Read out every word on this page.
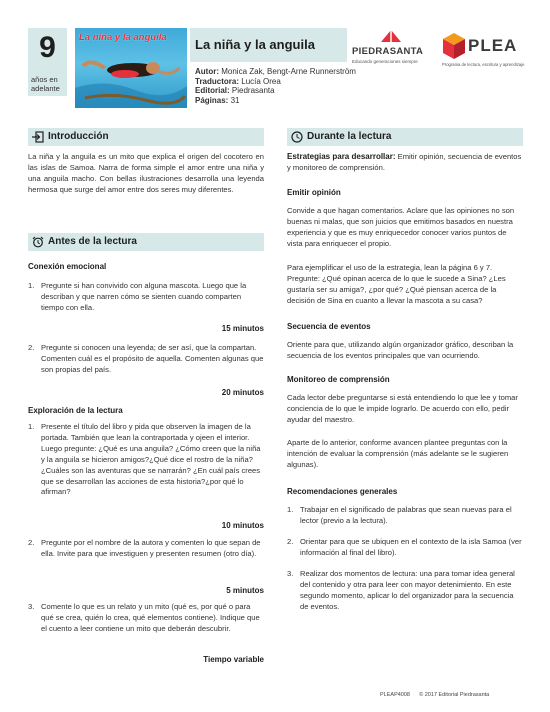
9
años en adelante
La niña y la anguila La niña y la anguila
Autor: Monica Zak, Bengt-Arne Runnerström
Traductora: Lucía Orea
Editorial: Piedrasanta
Páginas: 31
PIEDRASANTA
Educando generaciones siempre
PLEA
Programa de lectura, escritura y aprendizaje
Introducción
La niña y la anguila es un mito que explica el origen del cocotero en las islas de Samoa. Narra de forma simple el amor entre una niña y una anguila macho. Con bellas ilustraciones desarrolla una leyenda hermosa que surge del amor entre dos seres muy diferentes.
Antes de la lectura
Conexión emocional
1. Pregunte si han convivido con alguna mascota. Luego que la describan y que narren cómo se sienten cuando comparten tiempo con ella.
15 minutos
2. Pregunte si conocen una leyenda; de ser así, que la compartan. Comenten cuál es el propósito de aquella. Comenten algunas que son propias del país.
20 minutos
Exploración de la lectura
1. Presente el título del libro y pida que observen la imagen de la portada. También que lean la contraportada y ojeen el interior. Luego pregunte: ¿Qué es una anguila? ¿Cómo creen que la niña y la anguila se hicieron amigos?¿Qué dice el rostro de la niña? ¿Cuáles son las aventuras que se narrarán? ¿En cuál país crees que se desarrollan las acciones de esta historia?¿por qué lo afirman?
10 minutos
2. Pregunte por el nombre de la autora y comenten lo que sepan de ella. Invite para que investiguen y presenten resumen (otro día).
5 minutos
3. Comente lo que es un relato y un mito (qué es, por qué o para qué se crea, quién lo crea, qué elementos contiene). Indique que el cuento a leer contiene un mito que deberán descubrir.
Tiempo variable
Durante la lectura
Estrategias para desarrollar: Emitir opinión, secuencia de eventos y monitoreo de comprensión.
Emitir opinión
Convide a que hagan comentarios. Aclare que las opiniones no son buenas ni malas, que son juicios que emitimos basados en nuestra experiencia y que es muy enriquecedor conocer varios puntos de vista para enriquecer el propio.
Para ejemplificar el uso de la estrategia, lean la página 6 y 7. Pregunte: ¿Qué opinan acerca de lo que le sucede a Sina? ¿Les gustaría ser su amiga?, ¿por qué? ¿Qué piensan acerca de la decisión de Sina en cuanto a llevar la mascota a su casa?
Secuencia de eventos
Oriente para que, utilizando algún organizador gráfico, describan la secuencia de los eventos principales que van ocurriendo.
Monitoreo de comprensión
Cada lector debe preguntarse si está entendiendo lo que lee y tomar conciencia de lo que le impide lograrlo. De acuerdo con ello, pedir ayudar del maestro.
Aparte de lo anterior, conforme avancen plantee preguntas con la intención de evaluar la comprensión (más adelante se le sugieren algunas).
Recomendaciones generales
1. Trabajar en el significado de palabras que sean nuevas para el lector (previo a la lectura).
2. Orientar para que se ubiquen en el contexto de la isla Samoa (ver información al final del libro).
3. Realizar dos momentos de lectura: una para tomar idea general del contenido y otra para leer con mayor detenimiento. En este segundo momento, aplicar lo del organizador para la secuencia de eventos.
PLEAP4008 © 2017 Editorial Piedrasanta
